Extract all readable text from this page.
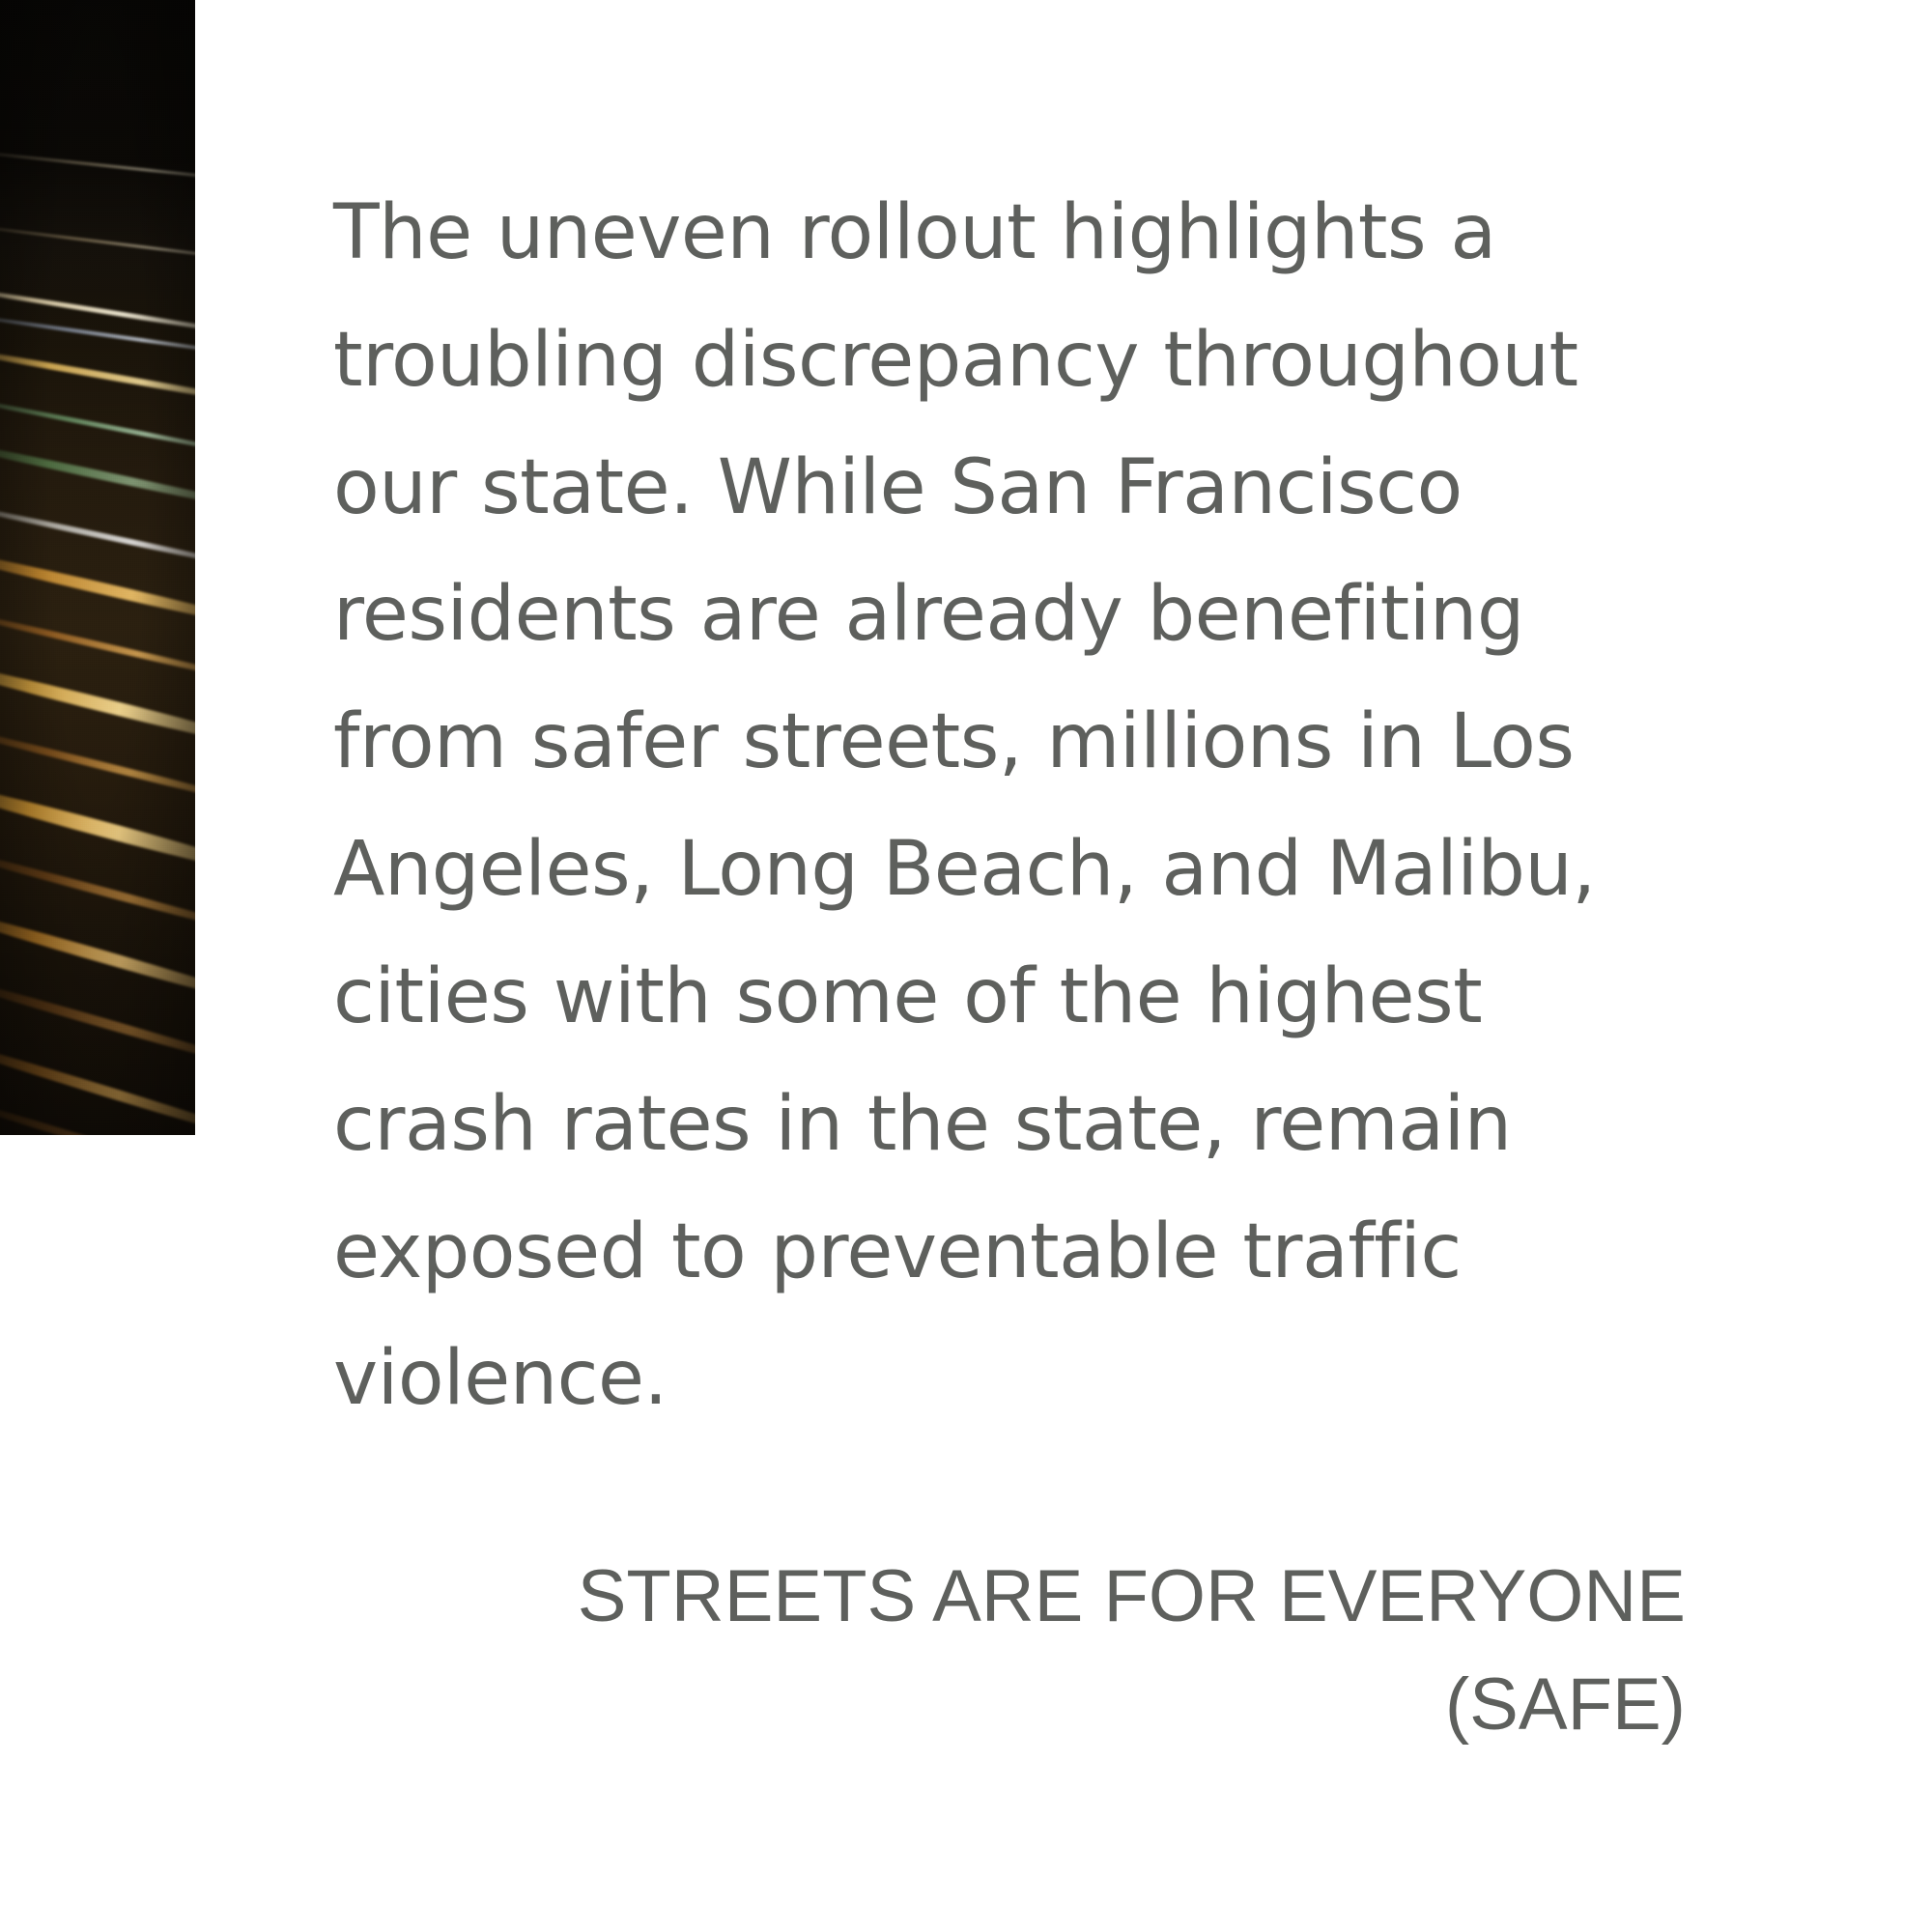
The uneven rollout highlights a troubling discrepancy throughout our state. While San Francisco residents are already benefiting from safer streets, millions in Los Angeles, Long Beach, and Malibu, cities with some of the highest crash rates in the state, remain exposed to preventable traffic violence.
STREETS ARE FOR EVERYONE
(SAFE)
